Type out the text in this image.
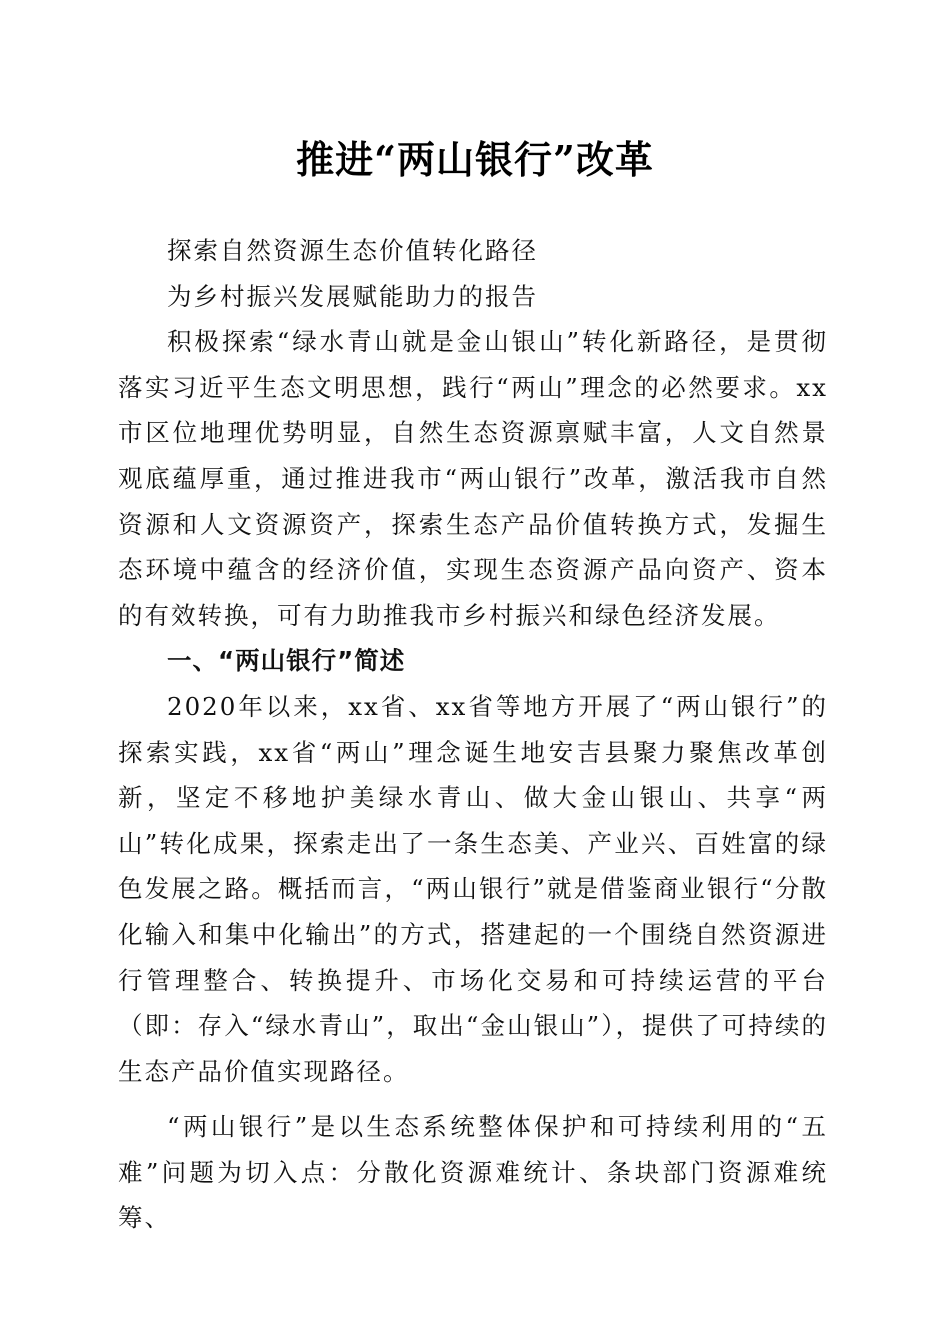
推进“两山银行”改革

探索自然资源生态价值转化路径

为乡村振兴发展赋能助力的报告

积极探索“绿水青山就是金山银山”转化新路径，是贯彻落实习近平生态文明思想，践行“两山”理念的必然要求。xx市区位地理优势明显，自然生态资源禀赋丰富，人文自然景观底蕴厚重，通过推进我市“两山银行”改革，激活我市自然资源和人文资源资产，探索生态产品价值转换方式，发掘生态环境中蕴含的经济价值，实现生态资源产品向资产、资本的有效转换，可有力助推我市乡村振兴和绿色经济发展。

一、“两山银行”简述

2020年以来，xx省、xx省等地方开展了“两山银行”的探索实践，xx省“两山”理念诞生地安吉县聚力聚焦改革创新，坚定不移地护美绿水青山、做大金山银山、共享“两山”转化成果，探索走出了一条生态美、产业兴、百姓富的绿色发展之路。概括而言，“两山银行”就是借鉴商业银行“分散化输入和集中化输出”的方式，搭建起的一个围绕自然资源进行管理整合、转换提升、市场化交易和可持续运营的平台（即：存入“绿水青山”，取出“金山银山”），提供了可持续的生态产品价值实现路径。

“两山银行”是以生态系统整体保护和可持续利用的“五难”问题为切入点：分散化资源难统计、条块部门资源难统筹、
